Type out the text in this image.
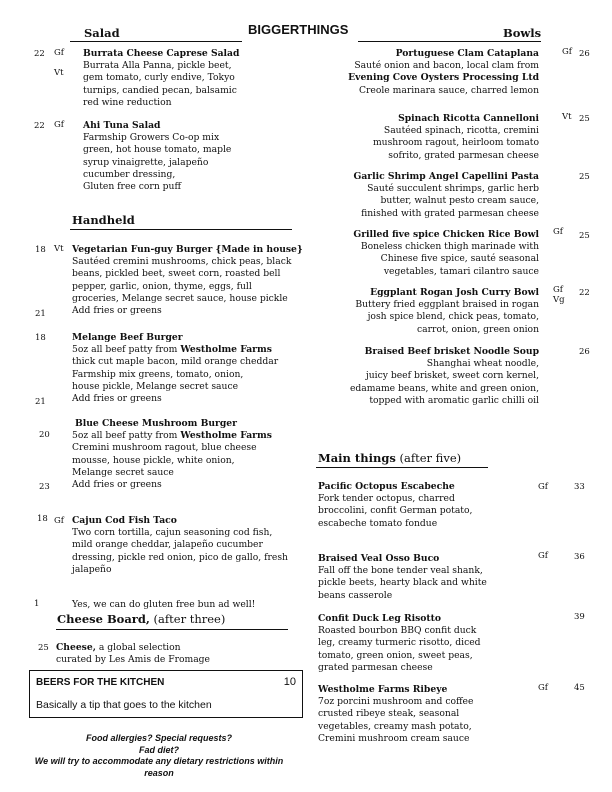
BIGGERTHINGS
Salad
22 Gf
Vt
Burrata Cheese Caprese Salad
Burrata Alla Panna, pickle beet,
gem tomato, curly endive, Tokyo
turnips, candied pecan, balsamic
red wine reduction
22 Gf Ahi Tuna Salad
Farmship Growers Co-op mix
green, hot house tomato, maple
syrup vinaigrette, jalapeño
cucumber dressing,
Gluten free corn puff
Handheld
18 Vt Vegetarian Fun-guy Burger {Made in house}
Sautéed cremini mushrooms, chick peas, black
beans, pickled beet, sweet corn, roasted bell
pepper, garlic, onion, thyme, eggs, full
groceries, Melange secret sauce, house pickle
Add fries or greens
21
18	Melange Beef Burger
5oz all beef patty from Westholme Farms
thick cut maple bacon, mild orange cheddar
Farmship mix greens, tomato, onion,
house pickle, Melange secret sauce
Add fries or greens
21
20
Blue Cheese Mushroom Burger
5oz all beef patty from Westholme Farms
Cremini mushroom ragout, blue cheese
mousse, house pickle, white onion,
Melange secret sauce
Add fries or greens
23
18 Gf Cajun Cod Fish Taco
Two corn tortilla, cajun seasoning cod fish,
mild orange cheddar, jalapeño cucumber
dressing, pickle red onion, pico de gallo, fresh
jalapeño
1	Yes, we can do gluten free bun ad well!
Cheese Board, (after three)
25 Cheese, a global selection
curated by Les Amis de Fromage
BEERS FOR THE KITCHEN	10
Basically a tip that goes to the kitchen
Food allergies? Special requests?
Fad diet?
We will try to accommodate any dietary restrictions within
reason
Bowls
Gf 26
Portuguese Clam Cataplana
Sauté onion and bacon, local clam from
Evening Cove Oysters Processing Ltd
Creole marinara sauce, charred lemon
Vt 25
Spinach Ricotta Cannelloni
Sautéed spinach, ricotta, cremini
mushroom ragout, heirloom tomato
sofrito, grated parmesan cheese
25
Garlic Shrimp Angel Capellini Pasta
Sauté succulent shrimps, garlic herb
butter, walnut pesto cream sauce,
finished with grated parmesan cheese
Gf 25
Grilled five spice Chicken Rice Bowl
Boneless chicken thigh marinade with
Chinese five spice, sauté seasonal
vegetables, tamari cilantro sauce
Gf
Vg
22
Eggplant Rogan Josh Curry Bowl
Buttery fried eggplant braised in rogan
josh spice blend, chick peas, tomato,
carrot, onion, green onion
26
Braised Beef brisket Noodle Soup
Shanghai wheat noodle,
juicy beef brisket, sweet corn kernel,
edamame beans, white and green onion,
topped with aromatic garlic chilli oil
Main things (after five)
Gf	33
Pacific Octopus Escabeche
Fork tender octopus, charred
broccolini, confit German potato,
escabeche tomato fondue
Gf	36
Braised Veal Osso Buco
Fall off the bone tender veal shank,
pickle beets, hearty black and white
beans casserole
39
Confit Duck Leg Risotto
Roasted bourbon BBQ confit duck
leg, creamy turmeric risotto, diced
tomato, green onion, sweet peas,
grated parmesan cheese
Gf	45
Westholme Farms Ribeye
7oz porcini mushroom and coffee
crusted ribeye steak, seasonal
vegetables, creamy mash potato,
Cremini mushroom cream sauce
